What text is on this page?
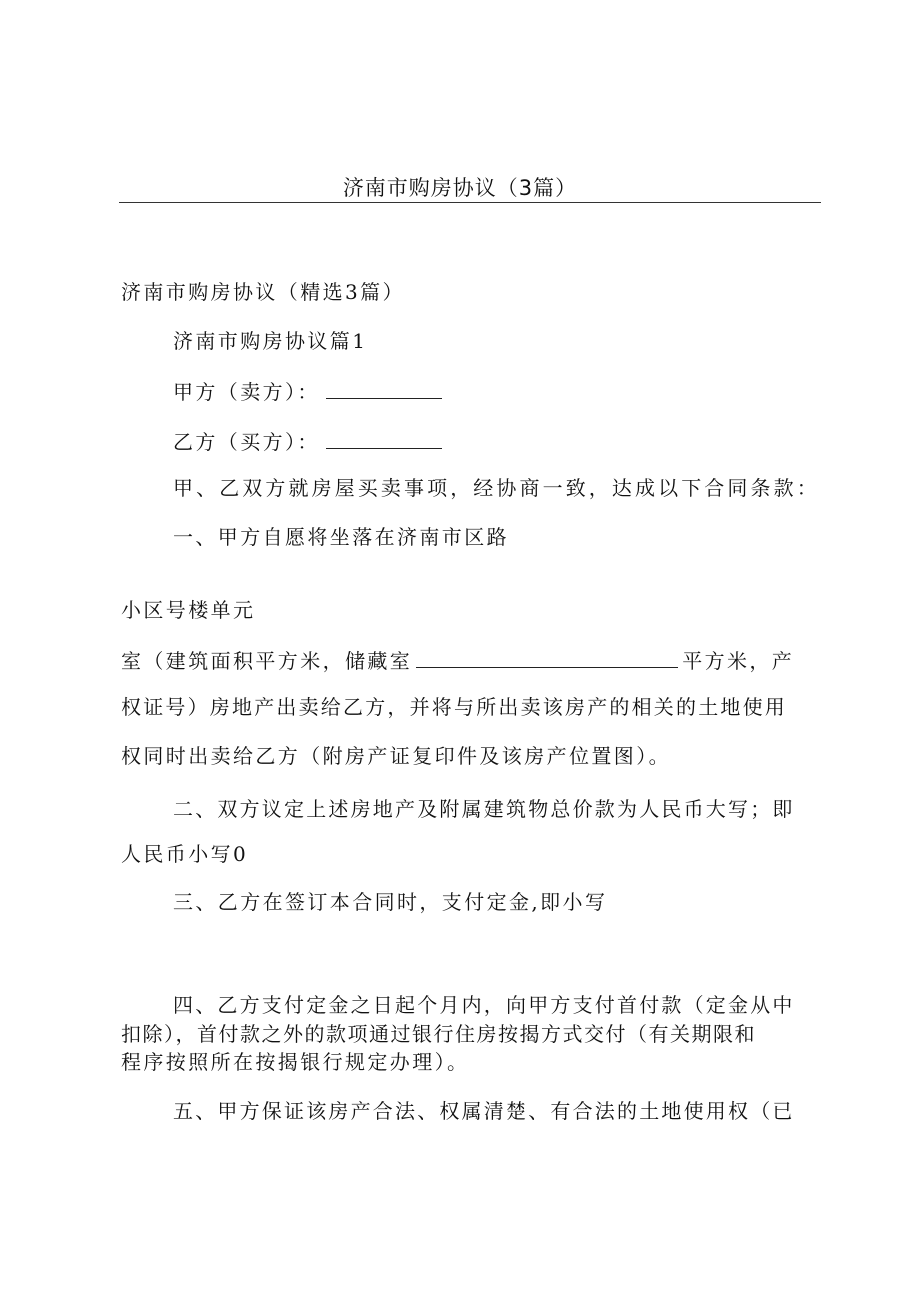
济南市购房协议（3篇）
济南市购房协议（精选3篇）
济南市购房协议篇1
甲方（卖方）：
乙方（买方）：
甲、乙双方就房屋买卖事项，经协商一致，达成以下合同条款：
一、甲方自愿将坐落在济南市区路
小区号楼单元
室（建筑面积平方米，储藏室	平方米，产
权证号）房地产出卖给乙方，并将与所出卖该房产的相关的土地使用
权同时出卖给乙方（附房产证复印件及该房产位置图）。
二、双方议定上述房地产及附属建筑物总价款为人民币大写；即
人民币小写0
三、乙方在签订本合同时，支付定金,即小写
四、乙方支付定金之日起个月内，向甲方支付首付款（定金从中
扣除），首付款之外的款项通过银行住房按揭方式交付（有关期限和
程序按照所在按揭银行规定办理）。
五、甲方保证该房产合法、权属清楚、有合法的土地使用权（已
